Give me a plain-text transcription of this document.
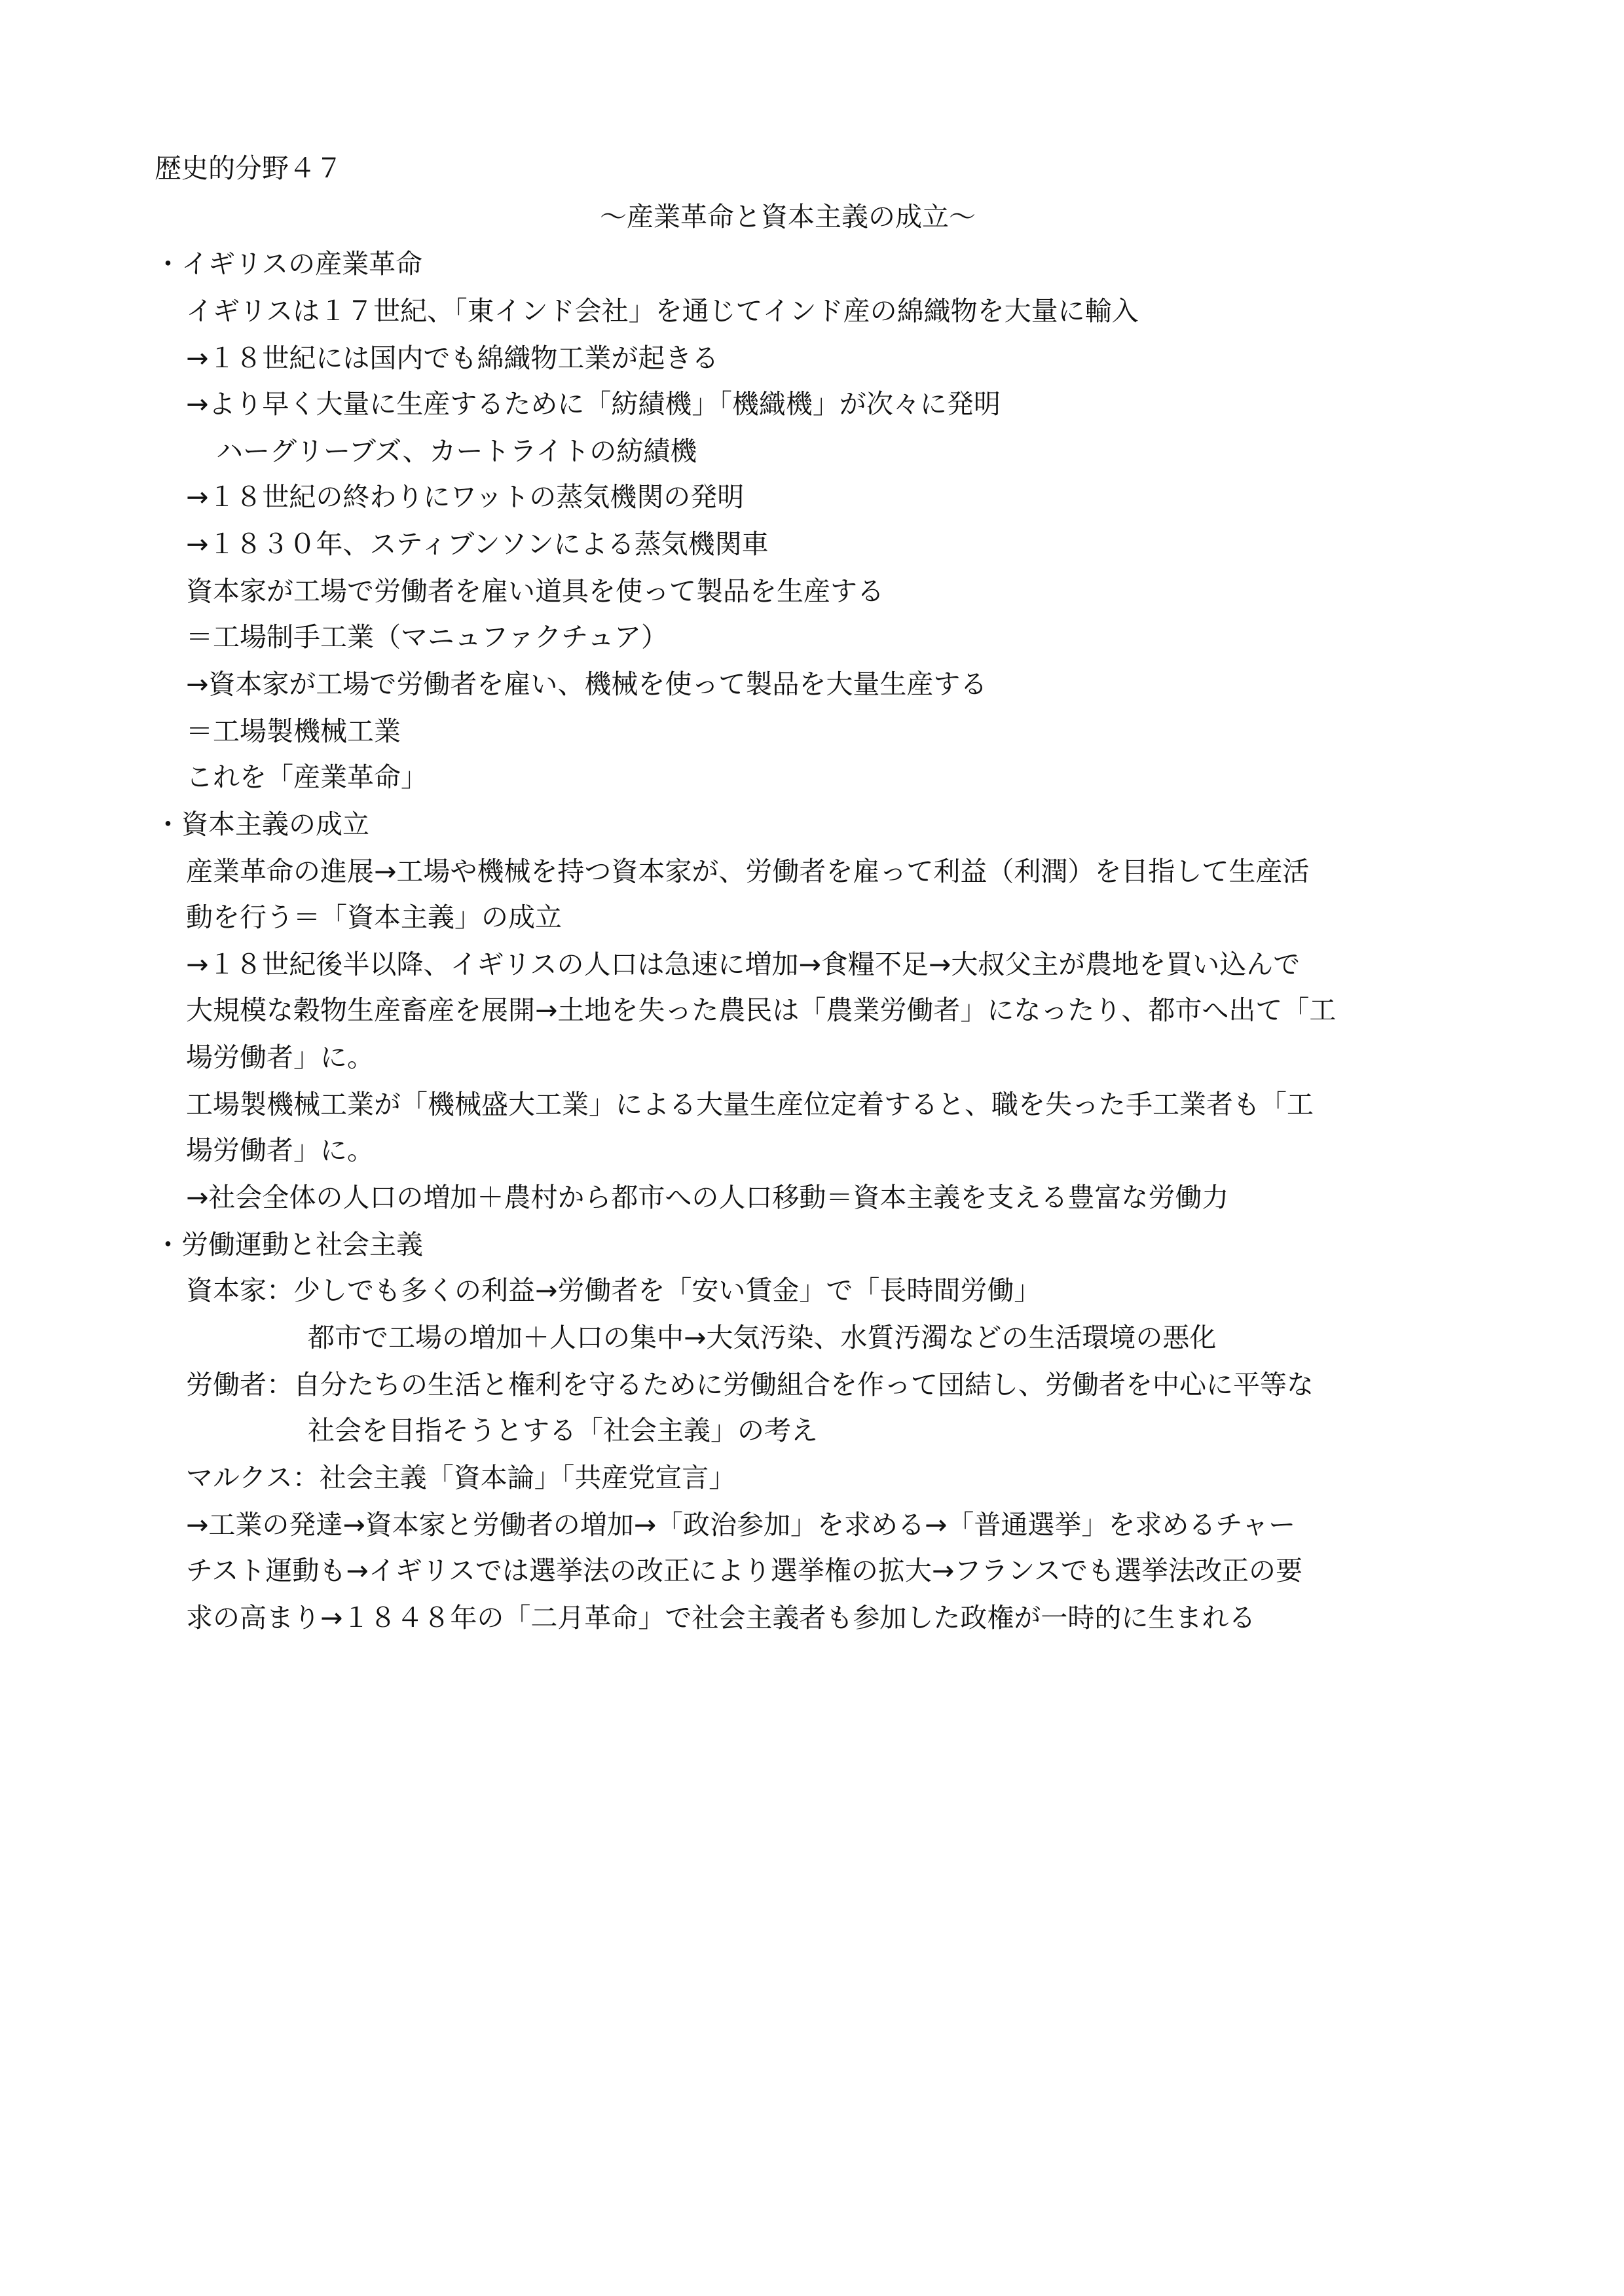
歴史的分野４７
～産業革命と資本主義の成立～
・イギリスの産業革命
イギリスは１７世紀、「東インド会社」を通じてインド産の綿織物を大量に輸入
→１８世紀には国内でも綿織物工業が起きる
→より早く大量に生産するために「紡績機」「機織機」が次々に発明
ハーグリーブズ、カートライトの紡績機
→１８世紀の終わりにワットの蒸気機関の発明
→１８３０年、スティブンソンによる蒸気機関車
資本家が工場で労働者を雇い道具を使って製品を生産する
＝工場制手工業（マニュファクチュア）
→資本家が工場で労働者を雇い、機械を使って製品を大量生産する
＝工場製機械工業
これを「産業革命」
・資本主義の成立
産業革命の進展→工場や機械を持つ資本家が、労働者を雇って利益（利潤）を目指して生産活
動を行う＝「資本主義」の成立
→１８世紀後半以降、イギリスの人口は急速に増加→食糧不足→大叔父主が農地を買い込んで
大規模な穀物生産畜産を展開→土地を失った農民は「農業労働者」になったり、都市へ出て「工
場労働者」に。
工場製機械工業が「機械盛大工業」による大量生産位定着すると、職を失った手工業者も「工
場労働者」に。
→社会全体の人口の増加＋農村から都市への人口移動＝資本主義を支える豊富な労働力
・労働運動と社会主義
資本家：少しでも多くの利益→労働者を「安い賃金」で「長時間労働」
都市で工場の増加＋人口の集中→大気汚染、水質汚濁などの生活環境の悪化
労働者：自分たちの生活と権利を守るために労働組合を作って団結し、労働者を中心に平等な
社会を目指そうとする「社会主義」の考え
マルクス：社会主義「資本論」「共産党宣言」
→工業の発達→資本家と労働者の増加→「政治参加」を求める→「普通選挙」を求めるチャー
チスト運動も→イギリスでは選挙法の改正により選挙権の拡大→フランスでも選挙法改正の要
求の高まり→１８４８年の「二月革命」で社会主義者も参加した政権が一時的に生まれる
